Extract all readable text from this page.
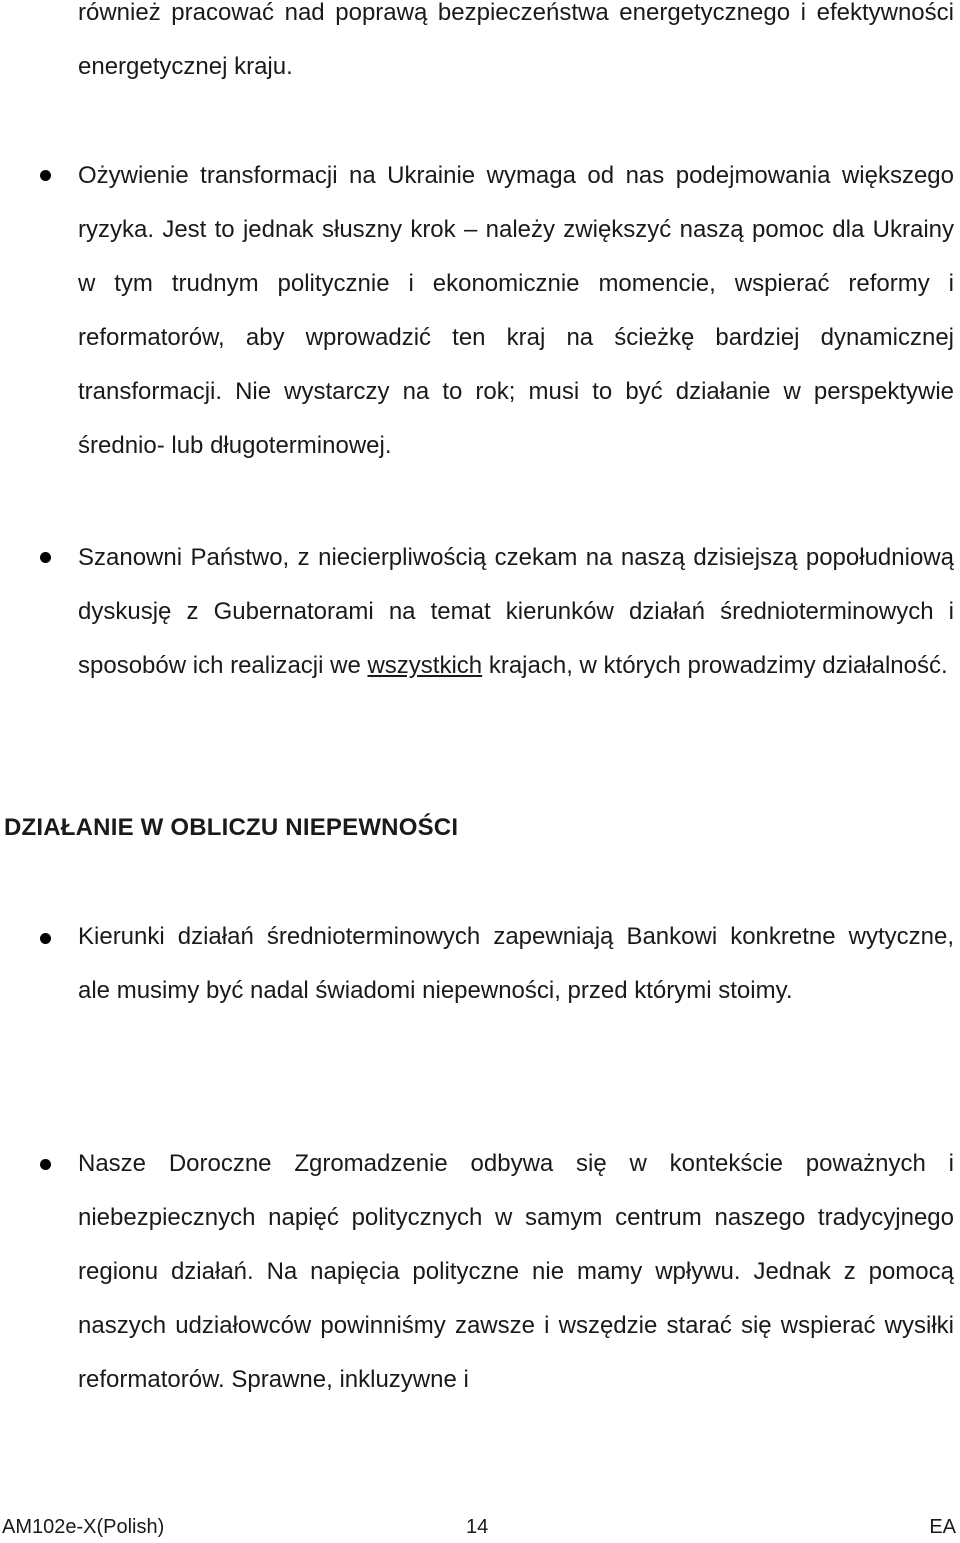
również pracować nad poprawą bezpieczeństwa energetycznego i efektywności energetycznej kraju.

Ożywienie transformacji na Ukrainie wymaga od nas podejmowania większego ryzyka. Jest to jednak słuszny krok – należy zwiększyć naszą pomoc dla Ukrainy w tym trudnym politycznie i ekonomicznie momencie, wspierać reformy i reformatorów, aby wprowadzić ten kraj na ścieżkę bardziej dynamicznej transformacji. Nie wystarczy na to rok; musi to być działanie w perspektywie średnio- lub długoterminowej.

Szanowni Państwo, z niecierpliwością czekam na naszą dzisiejszą popołudniową dyskusję z Gubernatorami na temat kierunków działań średnioterminowych i sposobów ich realizacji we wszystkich krajach, w których prowadzimy działalność.

DZIAŁANIE W OBLICZU NIEPEWNOŚCI

Kierunki działań średnioterminowych zapewniają Bankowi konkretne wytyczne, ale musimy być nadal świadomi niepewności, przed którymi stoimy.

Nasze Doroczne Zgromadzenie odbywa się w kontekście poważnych i niebezpiecznych napięć politycznych w samym centrum naszego tradycyjnego regionu działań. Na napięcia polityczne nie mamy wpływu. Jednak z pomocą naszych udziałowców powinniśmy zawsze i wszędzie starać się wspierać wysiłki reformatorów. Sprawne, inkluzywne i

AM102e-X(Polish)	14	EA
